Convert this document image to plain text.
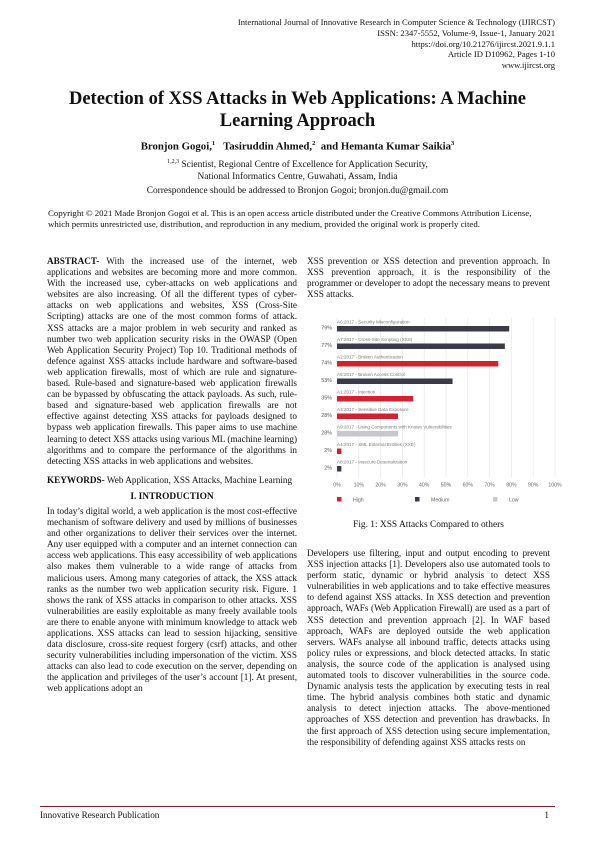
International Journal of Innovative Research in Computer Science & Technology (IJIRCST)
ISSN: 2347-5552, Volume-9, Issue-1, January 2021
https://doi.org/10.21276/ijircst.2021.9.1.1
Article ID D10962, Pages 1-10
www.ijircst.org
Detection of XSS Attacks in Web Applications: A Machine
Learning Approach
Bronjon Gogoi,$^1$ Tasiruddin Ahmed,$^2$ and Hemanta Kumar Saikia$^3$
$^{1,2,3}$ Scientist, Regional Centre of Excellence for Application Security,
National Informatics Centre, Guwahati, Assam, India
Correspondence should be addressed to Bronjon Gogoi; bronjon.du@gmail.com
Copyright © 2021 Made Bronjon Gogoi et al. This is an open access article distributed under the Creative Commons Attribution License, which permits unrestricted use, distribution, and reproduction in any medium, provided the original work is properly cited.

ABSTRACT- With the increased use of the internet, web applications and websites are becoming more and more common. With the increased use, cyber-attacks on web applications and websites are also increasing. Of all the different types of cyber-attacks on web applications and websites, XSS (Cross-Site Scripting) attacks are one of the most common forms of attack. XSS attacks are a major problem in web security and ranked as number two web application security risks in the OWASP (Open Web Application Security Project) Top 10. Traditional methods of defence against XSS attacks include hardware and software-based web application firewalls, most of which are rule and signature-based. Rule-based and signature-based web application firewalls can be bypassed by obfuscating the attack payloads. As such, rule-based and signature-based web application firewalls are not effective against detecting XSS attacks for payloads designed to bypass web application firewalls. This paper aims to use machine learning to detect XSS attacks using various ML (machine learning) algorithms and to compare the performance of the algorithms in detecting XSS attacks in web applications and websites.

KEYWORDS- Web Application, XSS Attacks, Machine Learning

I. INTRODUCTION

In today’s digital world, a web application is the most cost-effective mechanism of software delivery and used by millions of businesses and other organizations to deliver their services over the internet. Any user equipped with a computer and an internet connection can access web applications. This easy accessibility of web applications also makes them vulnerable to a wide range of attacks from malicious users. Among many categories of attack, the XSS attack ranks as the number two web application security risk. Figure. 1 shows the rank of XSS attacks in comparison to other attacks. XSS vulnerabilities are easily exploitable as many freely available tools are there to enable anyone with minimum knowledge to attack web applications. XSS attacks can lead to session hijacking, sensitive data disclosure, cross-site request forgery (csrf) attacks, and other security vulnerabilities including impersonation of the victim. XSS attacks can also lead to code execution on the server, depending on the application and privileges of the user’s account [1]. At present, web applications adopt an

XSS prevention or XSS detection and prevention approach. In XSS prevention approach, it is the responsibility of the programmer or developer to adopt the necessary means to prevent XSS attacks.

0% 10% 20% 30% 40% 50% 60% 70% 80% 90% 100%
A6:2017 - Security Misconfiguration
79%
A7:2017 - Cross-Site Scripting (XSS)
77%
A2:2017 - Broken Authentication
74%
A5:2017 - Broken Access Control
53%
A1:2017 - Injection
35%
A3:2017 - Sensitive Data Exposure
28%
A9:2017 - Using Components with Known Vulnerabilities
28%
A4:2017 - XML External Entities (XXE)
2%
A8:2017 - Insecure Deserialization
2%
High	Medium	Low
Fig. 1: XSS Attacks Compared to others

Developers use filtering, input and output encoding to prevent XSS injection attacks [1]. Developers also use automated tools to perform static, dynamic or hybrid analysis to detect XSS vulnerabilities in web applications and to take effective measures to defend against XSS attacks. In XSS detection and prevention approach, WAFs (Web Application Firewall) are used as a part of XSS detection and prevention approach [2]. In WAF based approach, WAFs are deployed outside the web application servers. WAFs analyse all inbound traffic, detects attacks using policy rules or expressions, and block detected attacks. In static analysis, the source code of the application is analysed using automated tools to discover vulnerabilities in the source code. Dynamic analysis tests the application by executing tests in real time. The hybrid analysis combines both static and dynamic analysis to detect injection attacks. The above-mentioned approaches of XSS detection and prevention has drawbacks. In the first approach of XSS detection using secure implementation, the responsibility of defending against XSS attacks rests on

Innovative Research Publication	1
